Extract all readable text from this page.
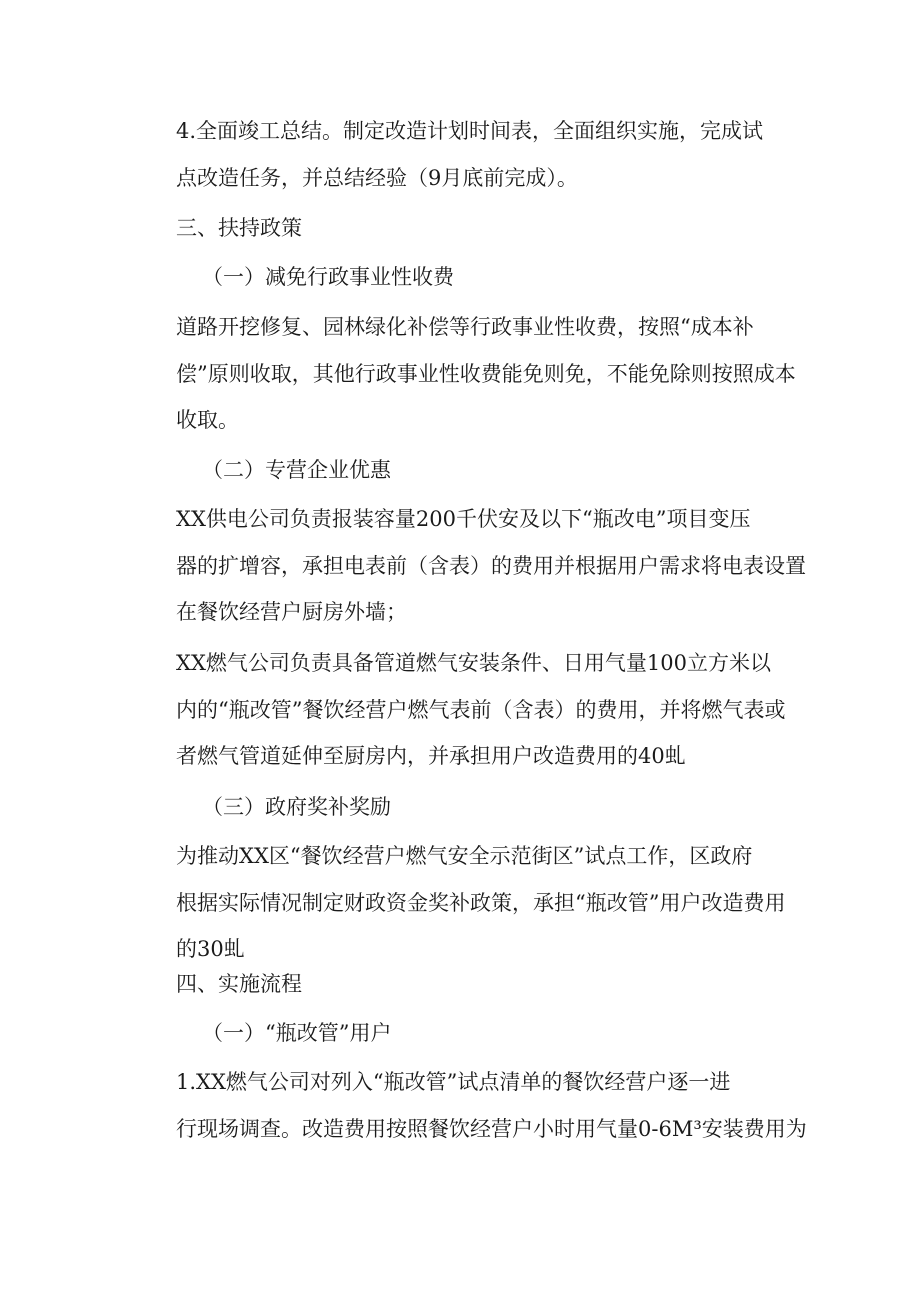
4.全面竣工总结。制定改造计划时间表，全面组织实施，完成试
点改造任务，并总结经验（9月底前完成）。
三、扶持政策
（一）减免行政事业性收费
道路开挖修复、园林绿化补偿等行政事业性收费，按照“成本补
偿”原则收取，其他行政事业性收费能免则免，不能免除则按照成本
收取。
（二）专营企业优惠
XX供电公司负责报装容量200千伏安及以下“瓶改电”项目变压
器的扩增容，承担电表前（含表）的费用并根据用户需求将电表设置
在餐饮经营户厨房外墙；
XX燃气公司负责具备管道燃气安装条件、日用气量100立方米以
内的“瓶改管”餐饮经营户燃气表前（含表）的费用，并将燃气表或
者燃气管道延伸至厨房内，并承担用户改造费用的40虬
（三）政府奖补奖励
为推动XX区“餐饮经营户燃气安全示范街区”试点工作，区政府
根据实际情况制定财政资金奖补政策，承担“瓶改管”用户改造费用
的30虬
四、实施流程
（一）“瓶改管”用户
1.XX燃气公司对列入“瓶改管”试点清单的餐饮经营户逐一进
行现场调查。改造费用按照餐饮经营户小时用气量0-6M³安装费用为
